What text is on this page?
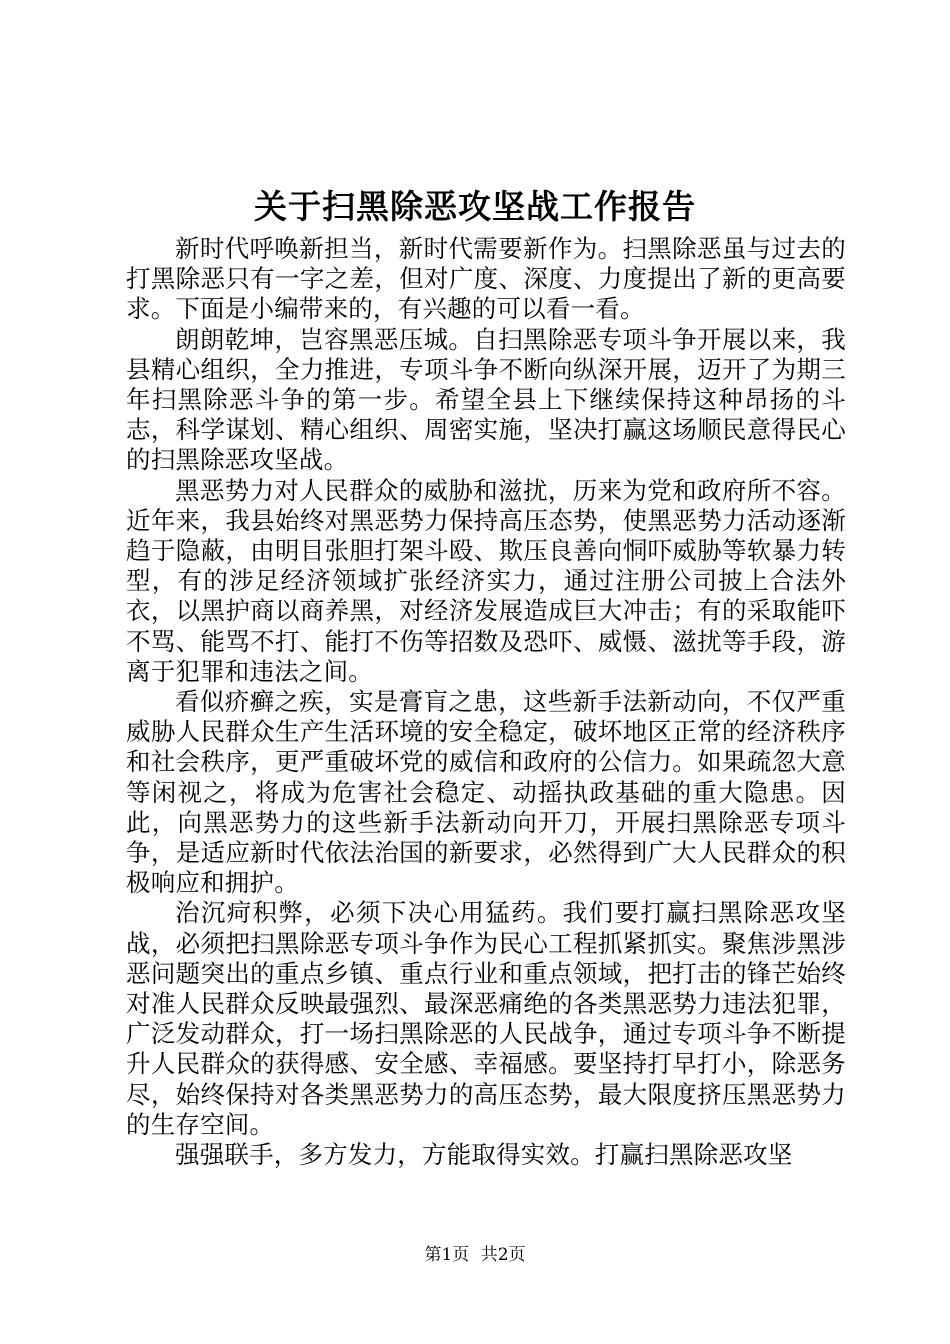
关于扫黑除恶攻坚战工作报告

新时代呼唤新担当，新时代需要新作为。扫黑除恶虽与过去的打黑除恶只有一字之差，但对广度、深度、力度提出了新的更高要求。下面是小编带来的，有兴趣的可以看一看。

朗朗乾坤，岂容黑恶压城。自扫黑除恶专项斗争开展以来，我县精心组织，全力推进，专项斗争不断向纵深开展，迈开了为期三年扫黑除恶斗争的第一步。希望全县上下继续保持这种昂扬的斗志，科学谋划、精心组织、周密实施，坚决打赢这场顺民意得民心的扫黑除恶攻坚战。

黑恶势力对人民群众的威胁和滋扰，历来为党和政府所不容。近年来，我县始终对黑恶势力保持高压态势，使黑恶势力活动逐渐趋于隐蔽，由明目张胆打架斗殴、欺压良善向恫吓威胁等软暴力转型，有的涉足经济领域扩张经济实力，通过注册公司披上合法外衣，以黑护商以商养黑，对经济发展造成巨大冲击；有的采取能吓不骂、能骂不打、能打不伤等招数及恐吓、威慑、滋扰等手段，游离于犯罪和违法之间。

看似疥癣之疾，实是膏肓之患，这些新手法新动向，不仅严重威胁人民群众生产生活环境的安全稳定，破坏地区正常的经济秩序和社会秩序，更严重破坏党的威信和政府的公信力。如果疏忽大意等闲视之，将成为危害社会稳定、动摇执政基础的重大隐患。因此，向黑恶势力的这些新手法新动向开刀，开展扫黑除恶专项斗争，是适应新时代依法治国的新要求，必然得到广大人民群众的积极响应和拥护。

治沉疴积弊，必须下决心用猛药。我们要打赢扫黑除恶攻坚战，必须把扫黑除恶专项斗争作为民心工程抓紧抓实。聚焦涉黑涉恶问题突出的重点乡镇、重点行业和重点领域，把打击的锋芒始终对准人民群众反映最强烈、最深恶痛绝的各类黑恶势力违法犯罪，广泛发动群众，打一场扫黑除恶的人民战争，通过专项斗争不断提升人民群众的获得感、安全感、幸福感。要坚持打早打小，除恶务尽，始终保持对各类黑恶势力的高压态势，最大限度挤压黑恶势力的生存空间。

强强联手，多方发力，方能取得实效。打赢扫黑除恶攻坚

第1页 共2页
